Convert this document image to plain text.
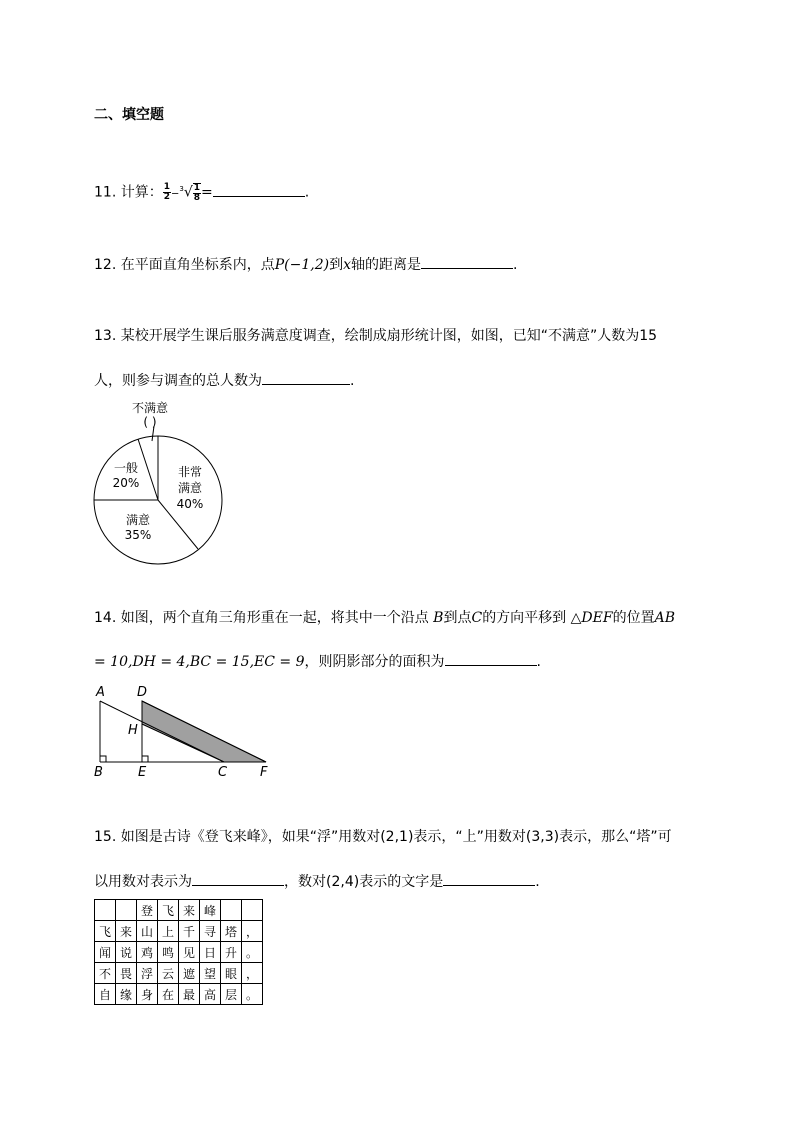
二、填空题
11. 计算： $\frac{1}{2} -^3√ \frac{1}{8}$ =	.
12. 在平面直角坐标系内，点P(−1,2)到x轴的距离是	.
13. 某校开展学生课后服务满意度调查，绘制成扇形统计图，如图，已知“不满意”人数为15
人，则参与调查的总人数为	.
不满意
( )
一般
20%
非常
满意
40%
满意
35%
14. 如图，两个直角三角形重在一起，将其中一个沿点 B到点C的方向平移到 △DEF的位置AB
= 10,DH = 4,BC = 15,EC = 9，则阴影部分的面积为	.
A D
H
B	E	C	F
15. 如图是古诗《登飞来峰》，如果“浮”用数对(2,1)表示，“上”用数对(3,3)表示，那么“塔”可
以用数对表示为	，数对(2,4)表示的文字是	.
		登	飞	来	峰		
飞	来	山	上	千	寻	塔	，
闻	说	鸡	鸣	见	日	升	。
不	畏	浮	云	遮	望	眼	，
自	缘	身	在	最	高	层	。
